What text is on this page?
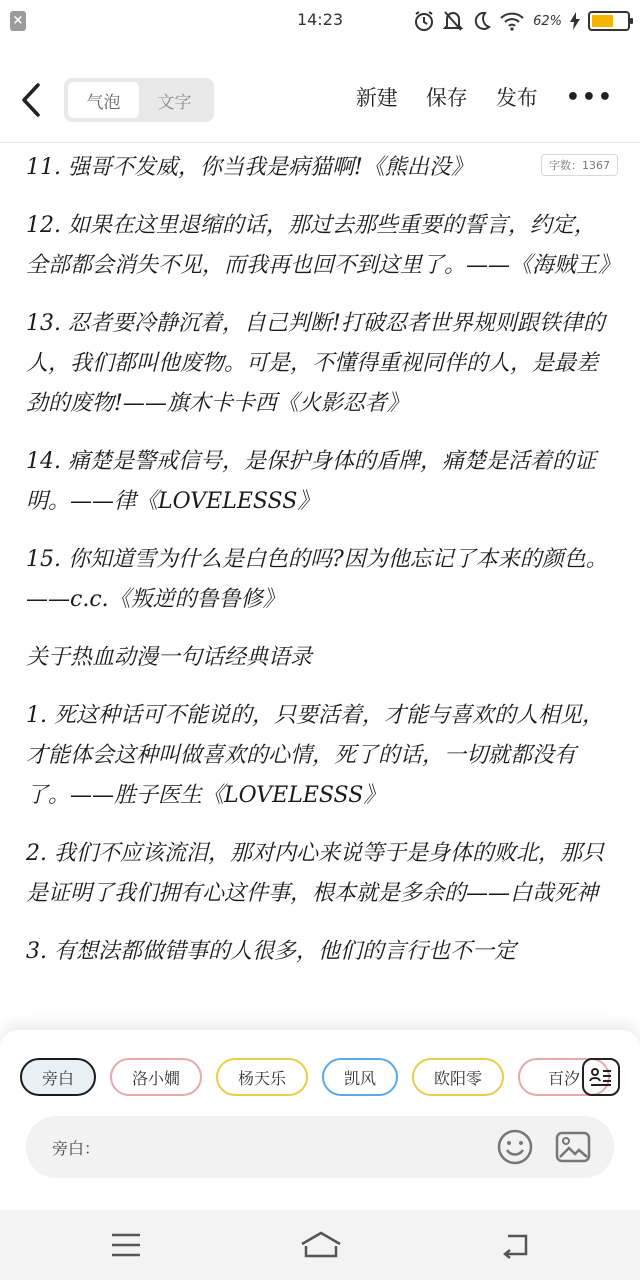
×	14:23	62%
气泡	文字	新建 保存 发布 •••

11. 强哥不发威，你当我是病猫啊!《熊出没》

12. 如果在这里退缩的话，那过去那些重要的誓言，约定，全部都会消失不见，而我再也回不到这里了。——《海贼王》

13. 忍者要冷静沉着，自己判断!打破忍者世界规则跟铁律的人，我们都叫他废物。可是，不懂得重视同伴的人，是最差劲的废物!——旗木卡卡西《火影忍者》

14. 痛楚是警戒信号，是保护身体的盾牌，痛楚是活着的证明。——律《LOVELESSS》

15. 你知道雪为什么是白色的吗?因为他忘记了本来的颜色。——c.c.《叛逆的鲁鲁修》

关于热血动漫一句话经典语录

1. 死这种话可不能说的，只要活着，才能与喜欢的人相见，才能体会这种叫做喜欢的心情，死了的话，一切就都没有了。——胜子医生《LOVELESSS》

2. 我们不应该流泪，那对内心来说等于是身体的败北，那只是证明了我们拥有心这件事，根本就是多余的——白哉死神

3. 有想法都做错事的人很多，他们的言行也不一定

字数：1367
旁白	洛小嫺	杨天乐	凯风	欧阳零	百汐
旁白：
